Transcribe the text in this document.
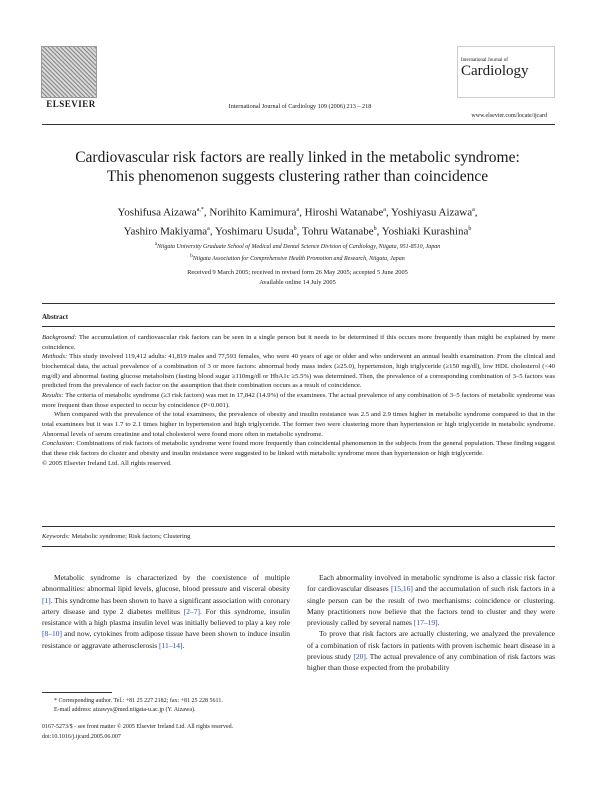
ELSEVIER	International Journal of Cardiology 109 (2006) 213 – 218
International Journal of
Cardiology
www.elsevier.com/locate/ijcard
Cardiovascular risk factors are really linked in the metabolic syndrome:
This phenomenon suggests clustering rather than coincidence
Yoshifusa Aizawa$^{a,*}$, Norihito Kamimura$^a$, Hiroshi Watanabe$^a$, Yoshiyasu Aizawa$^a$,
Yashiro Makiyama$^a$, Yoshimaru Usuda$^b$, Tohru Watanabe$^b$, Yoshiaki Kurashina$^b$
$^a$Niigata University Graduate School of Medical and Dental Science Division of Cardiology, Niigata, 951-8510, Japan
$^b$Niigata Association for Comprehensive Health Promotion and Research, Niigata, Japan
Received 9 March 2005; received in revised form 26 May 2005; accepted 5 June 2005
Available online 14 July 2005
Abstract

Background: The accumulation of cardiovascular risk factors can be seen in a single person but it needs to be determined if this occurs more frequently than might be explained by mere coincidence.

Methods: This study involved 119,412 adults: 41,819 males and 77,593 females, who were 40 years of age or older and who underwent an annual health examination. From the clinical and biochemical data, the actual prevalence of a combination of 3 or more factors: abnormal body mass index (≥25.0), hypertension, high triglyceride (≥150 mg/dl), low HDL cholesterol (<40 mg/dl) and abnormal fasting glucose metabolism (fasting blood sugar ≥110mg/dl or HbA1c ≥5.5%) was determined. Then, the prevalence of a corresponding combination of 3–5 factors was predicted from the prevalence of each factor on the assumption that their combination occurs as a result of coincidence.

Results: The criteria of metabolic syndrome (≥3 risk factors) was met in 17,842 (14.9%) of the examinees. The actual prevalence of any combination of 3–5 factors of metabolic syndrome was more frequent than those expected to occur by coincidence (P<0.001).

When compared with the prevalence of the total examinees, the prevalence of obesity and insulin resistance was 2.5 and 2.9 times higher in metabolic syndrome compared to that in the total examinees but it was 1.7 to 2.1 times higher in hypertension and high triglyceride. The former two were clustering more than hypertension or high triglyceride in metabolic syndrome. Abnormal levels of serum creatinine and total cholesterol were found more often in metabolic syndrome.

Conclusion: Combinations of risk factors of metabolic syndrome were found more frequently than coincidental phenomenon in the subjects from the general population. These finding suggest that these risk factors do cluster and obesity and insulin resistance were suggested to be linked with metabolic syndrome more than hypertension or high triglyceride.

© 2005 Elsevier Ireland Ltd. All rights reserved.

Keywords: Metabolic syndrome; Risk factors; Clustering

Metabolic syndrome is characterized by the coexistence of multiple abnormalities: abnormal lipid levels, glucose, blood pressure and visceral obesity [1]. This syndrome has been shown to have a significant association with coronary artery disease and type 2 diabetes mellitus [2–7]. For this syndrome, insulin resistance with a high plasma insulin level was initially believed to play a key role [8–10] and now, cytokines from adipose tissue have been shown to induce insulin resistance or aggravate atherosclerosis [11–14].

Each abnormality involved in metabolic syndrome is also a classic risk factor for cardiovascular diseases [15,16] and the accumulation of such risk factors in a single person can be the result of two mechanisms: coincidence or clustering. Many practitioners now believe that the factors tend to cluster and they were previously called by several names [17–19].

To prove that risk factors are actually clustering, we analyzed the prevalence of a combination of risk factors in patients with proven ischemic heart disease in a previous study [20]. The actual prevalence of any combination of risk factors was higher than those expected from the probability

* Corresponding author. Tel.: +81 25 227 2182; fax: +81 25 228 5611.
E-mail address: aizawys@med.niigata-u.ac.jp (Y. Aizawa).
0167-5273/$ - see front matter © 2005 Elsevier Ireland Ltd. All rights reserved.
doi:10.1016/j.ijcard.2005.06.007
